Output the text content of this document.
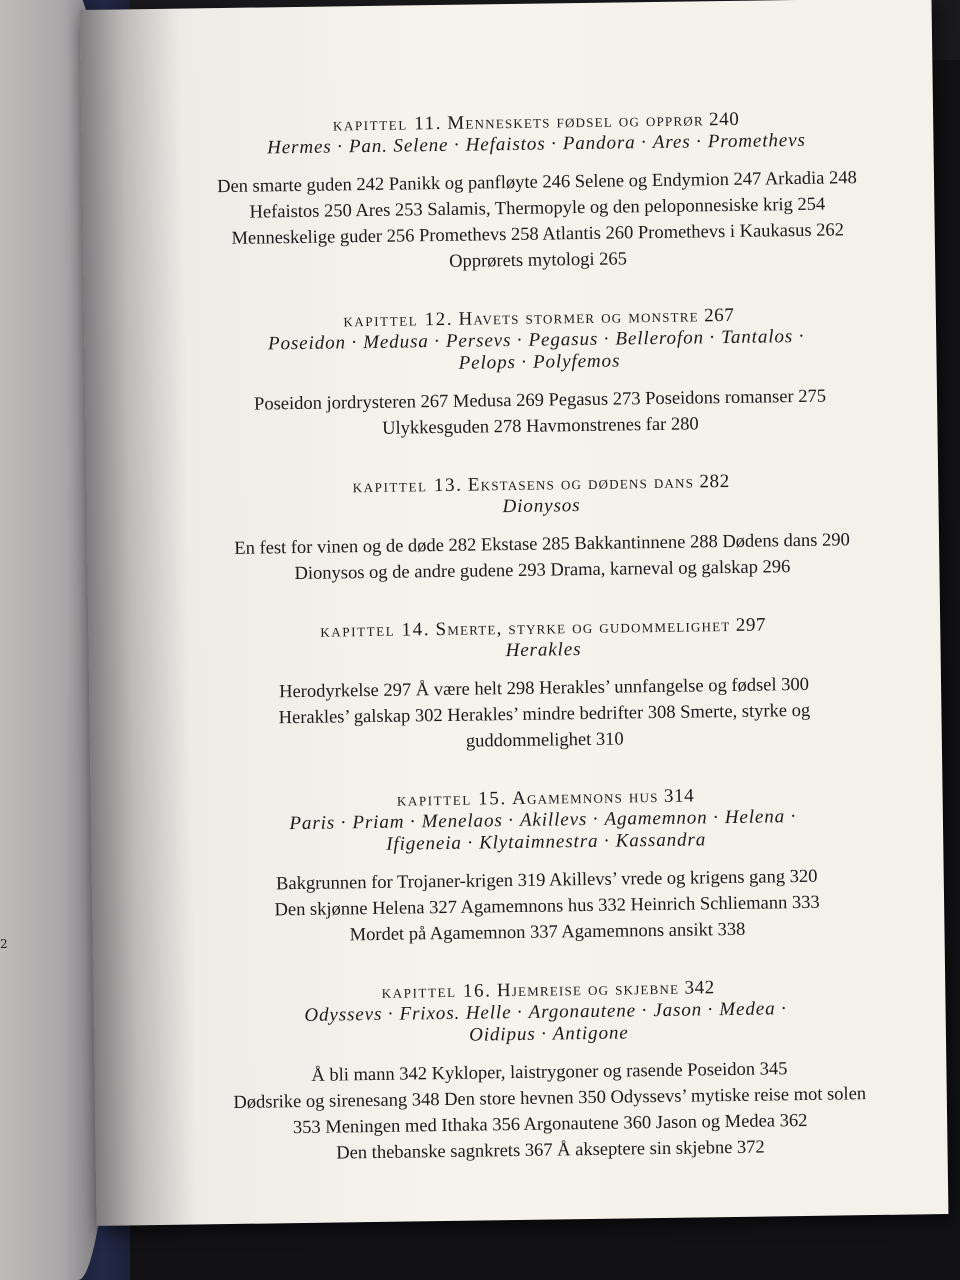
2

kapittel 11. Menneskets fødsel og opprør 240

Hermes · Pan. Selene · Hefaistos · Pandora · Ares · Promethevs

Den smarte guden 242 Panikk og panfløyte 246 Selene og Endymion 247 Arkadia 248 Hefaistos 250 Ares 253 Salamis, Thermopyle og den peloponnesiske krig 254 Menneskelige guder 256 Promethevs 258 Atlantis 260 Promethevs i Kaukasus 262 Opprørets mytologi 265

kapittel 12. Havets stormer og monstre 267

Poseidon · Medusa · Persevs · Pegasus · Bellerofon · Tantalos ·
Pelops · Polyfemos

Poseidon jordrysteren 267 Medusa 269 Pegasus 273 Poseidons romanser 275 Ulykkesguden 278 Havmonstrenes far 280

kapittel 13. Ekstasens og dødens dans 282

Dionysos

En fest for vinen og de døde 282 Ekstase 285 Bakkantinnene 288 Dødens dans 290 Dionysos og de andre gudene 293 Drama, karneval og galskap 296

kapittel 14. Smerte, styrke og gudommelighet 297

Herakles

Herodyrkelse 297 Å være helt 298 Herakles’ unnfangelse og fødsel 300 Herakles’ galskap 302 Herakles’ mindre bedrifter 308 Smerte, styrke og guddommelighet 310

kapittel 15. Agamemnons hus 314

Paris · Priam · Menelaos · Akillevs · Agamemnon · Helena ·
Ifigeneia · Klytaimnestra · Kassandra

Bakgrunnen for Trojaner-krigen 319 Akillevs’ vrede og krigens gang 320 Den skjønne Helena 327 Agamemnons hus 332 Heinrich Schliemann 333 Mordet på Agamemnon 337 Agamemnons ansikt 338

kapittel 16. Hjemreise og skjebne 342

Odyssevs · Frixos. Helle · Argonautene · Jason · Medea ·
Oidipus · Antigone

Å bli mann 342 Kykloper, laistrygoner og rasende Poseidon 345 Dødsrike og sirenesang 348 Den store hevnen 350 Odyssevs’ mytiske reise mot solen 353 Meningen med Ithaka 356 Argonautene 360 Jason og Medea 362 Den thebanske sagnkrets 367 Å akseptere sin skjebne 372
